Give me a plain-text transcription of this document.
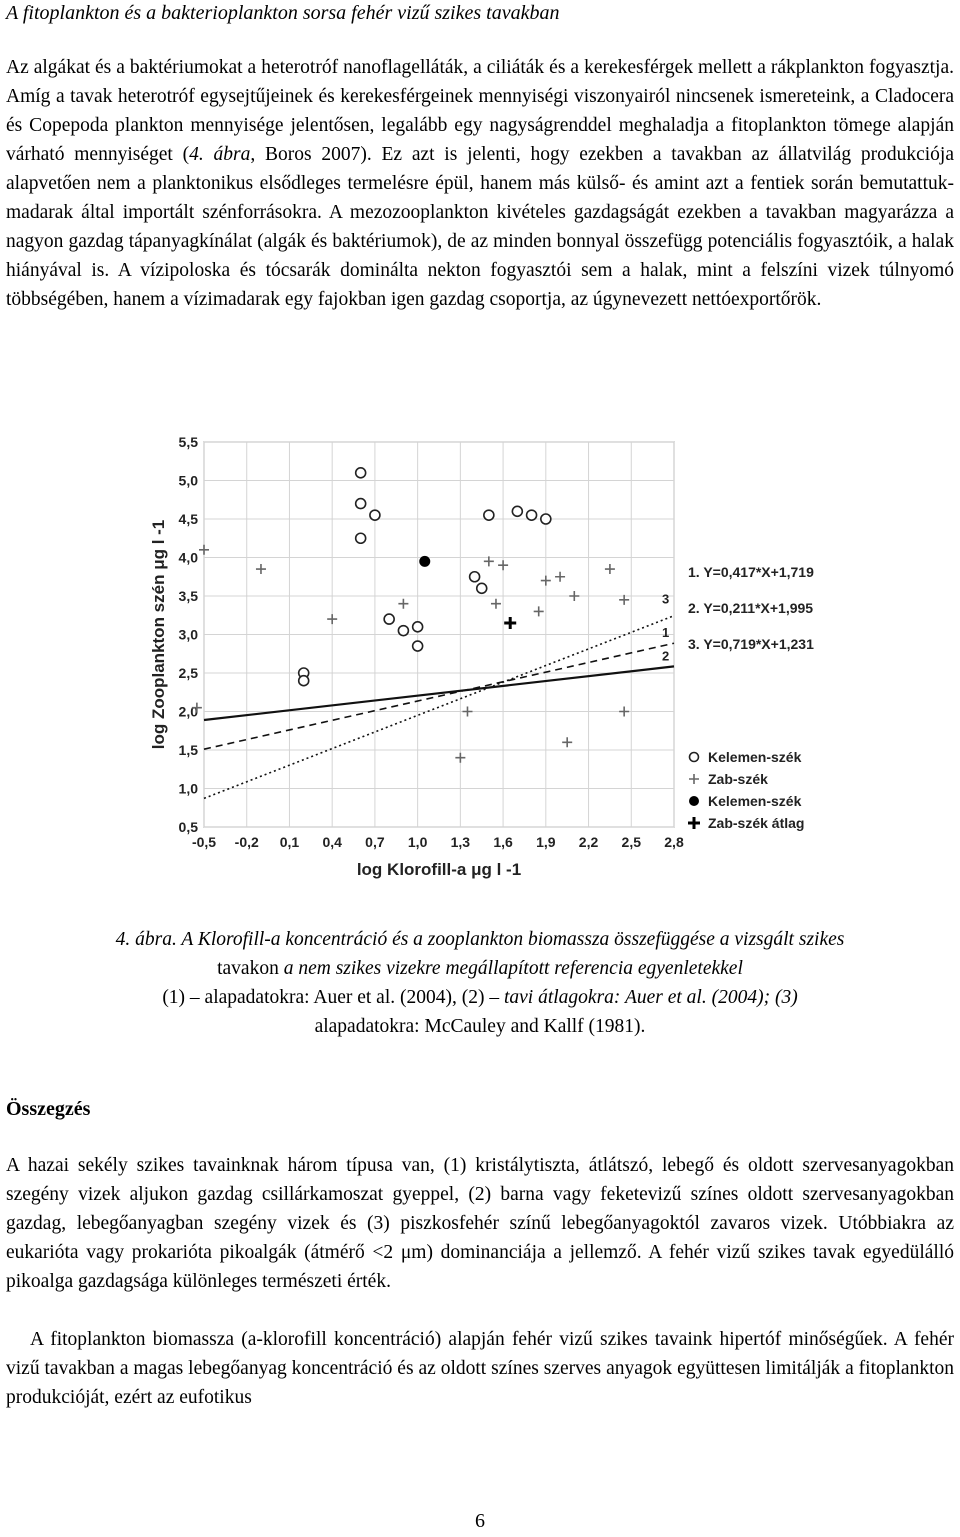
A fitoplankton és a bakterioplankton sorsa fehér vizű szikes tavakban

Az algákat és a baktériumokat a heterotróf nanoflagelláták, a ciliáták és a kerekesférgek mellett a rákplankton fogyasztja. Amíg a tavak heterotróf egysejtűjeinek és kerekesférgeinek mennyiségi viszonyairól nincsenek ismereteink, a Cladocera és Copepoda plankton mennyisége jelentősen, legalább egy nagyságrenddel meghaladja a fitoplankton tömege alapján várható mennyiséget (4. ábra, Boros 2007). Ez azt is jelenti, hogy ezekben a tavakban az állatvilág produkciója alapvetően nem a planktonikus elsődleges termelésre épül, hanem más külső- és amint azt a fentiek során bemutattuk- madarak által importált szénforrásokra. A mezozooplankton kivételes gazdagságát ezekben a tavakban magyarázza a nagyon gazdag tápanyagkínálat (algák és baktériumok), de az minden bonnyal összefügg potenciális fogyasztóik, a halak hiányával is. A vízipoloska és tócsarák dominálta nekton fogyasztói sem a halak, mint a felszíni vizek túlnyomó többségében, hanem a vízimadarak egy fajokban igen gazdag csoportja, az úgynevezett nettóexportőrök.

0,5
1,0
1,5
2,0
2,5
3,0
3,5
4,0
4,5
5,0
5,5
-0,5 -0,2 0,1 0,4 0,7 1,0 1,3 1,6 1,9 2,2 2,5 2,8
log Klorofill-a μg l -1
log Zooplankton szén μg l -1	1. Y=0,417*X+1,719
2. Y=0,211*X+1,995
3. Y=0,719*X+1,231
1
2
3
Kelemen-szék
Zab-szék
Kelemen-szék
Zab-szék átlag
4. ábra. A Klorofill-a koncentráció és a zooplankton biomassza összefüggése a vizsgált szikes
tavakon a nem szikes vizekre megállapított referencia egyenletekkel
(1) – alapadatokra: Auer et al. (2004), (2) – tavi átlagokra: Auer et al. (2004); (3)
alapadatokra: McCauley and Kallf (1981).
Összegzés

A hazai sekély szikes tavainknak három típusa van, (1) kristálytiszta, átlátszó, lebegő és oldott szervesanyagokban szegény vizek aljukon gazdag csillárkamoszat gyeppel, (2) barna vagy feketevizű színes oldott szervesanyagokban gazdag, lebegőanyagban szegény vizek és (3) piszkosfehér színű lebegőanyagoktól zavaros vizek. Utóbbiakra az eukarióta vagy prokarióta pikoalgák (átmérő <2 μm) dominanciája a jellemző. A fehér vizű szikes tavak egyedülálló pikoalga gazdagsága különleges természeti érték.

A fitoplankton biomassza (a-klorofill koncentráció) alapján fehér vizű szikes tavaink hipertóf minőségűek. A fehér vizű tavakban a magas lebegőanyag koncentráció és az oldott színes szerves anyagok együttesen limitálják a fitoplankton produkcióját, ezért az eufotikus

6
